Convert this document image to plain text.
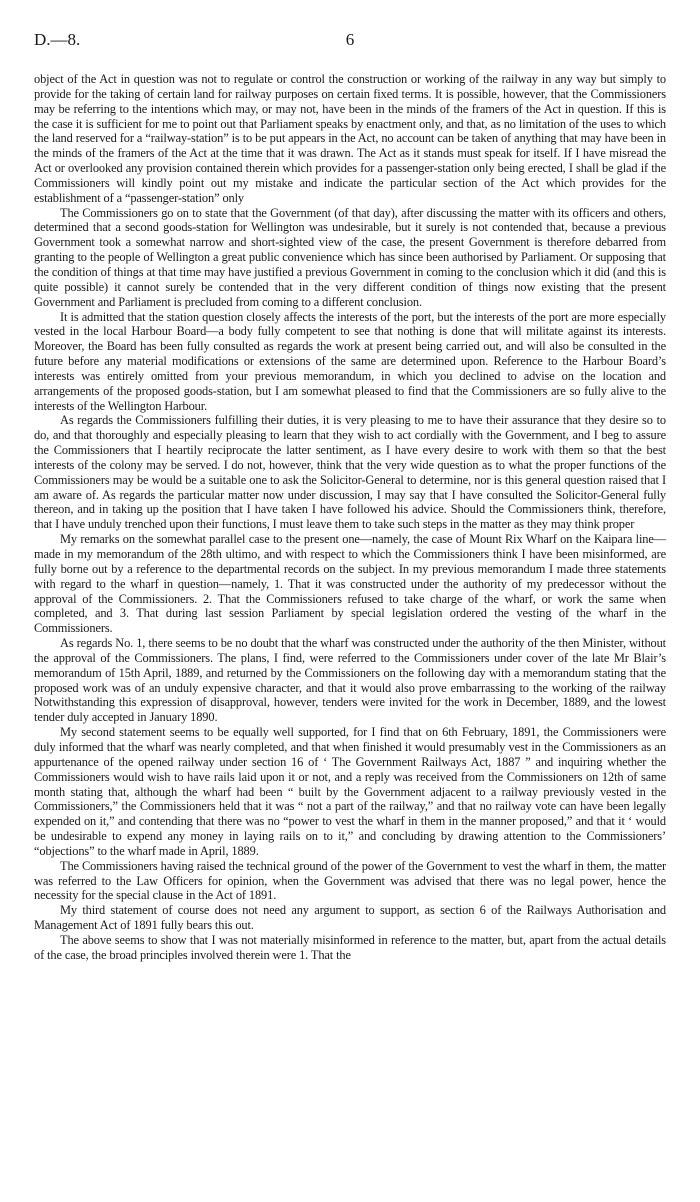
D.—8.	6

object of the Act in question was not to regulate or control the construction or working of the railway in any way but simply to provide for the taking of certain land for railway purposes on certain fixed terms. It is possible, however, that the Commissioners may be referring to the intentions which may, or may not, have been in the minds of the framers of the Act in question. If this is the case it is sufficient for me to point out that Parliament speaks by enactment only, and that, as no limitation of the uses to which the land reserved for a “railway-station” is to be put appears in the Act, no account can be taken of anything that may have been in the minds of the framers of the Act at the time that it was drawn. The Act as it stands must speak for itself. If I have misread the Act or overlooked any provision contained therein which provides for a passenger-station only being erected, I shall be glad if the Commissioners will kindly point out my mistake and indicate the particular section of the Act which provides for the establishment of a “passenger-station” only

The Commissioners go on to state that the Government (of that day), after discussing the matter with its officers and others, determined that a second goods-station for Wellington was undesirable, but it surely is not contended that, because a previous Government took a somewhat narrow and short-sighted view of the case, the present Government is therefore debarred from granting to the people of Wellington a great public convenience which has since been authorised by Parliament. Or supposing that the condition of things at that time may have justified a previous Government in coming to the conclusion which it did (and this is quite possible) it cannot surely be contended that in the very different condition of things now existing that the present Government and Parliament is precluded from coming to a different conclusion.

It is admitted that the station question closely affects the interests of the port, but the interests of the port are more especially vested in the local Harbour Board—a body fully competent to see that nothing is done that will militate against its interests. Moreover, the Board has been fully consulted as regards the work at present being carried out, and will also be consulted in the future before any material modifications or extensions of the same are determined upon. Reference to the Harbour Board’s interests was entirely omitted from your previous memorandum, in which you declined to advise on the location and arrangements of the proposed goods-station, but I am somewhat pleased to find that the Commissioners are so fully alive to the interests of the Wellington Harbour.

As regards the Commissioners fulfilling their duties, it is very pleasing to me to have their assurance that they desire so to do, and that thoroughly and especially pleasing to learn that they wish to act cordially with the Government, and I beg to assure the Commissioners that I heartily reciprocate the latter sentiment, as I have every desire to work with them so that the best interests of the colony may be served. I do not, however, think that the very wide question as to what the proper functions of the Commissioners may be would be a suitable one to ask the Solicitor-General to determine, nor is this general question raised that I am aware of. As regards the particular matter now under discussion, I may say that I have consulted the Solicitor-General fully thereon, and in taking up the position that I have taken I have followed his advice. Should the Commissioners think, therefore, that I have unduly trenched upon their functions, I must leave them to take such steps in the matter as they may think proper

My remarks on the somewhat parallel case to the present one—namely, the case of Mount Rix Wharf on the Kaipara line—made in my memorandum of the 28th ultimo, and with respect to which the Commissioners think I have been misinformed, are fully borne out by a reference to the departmental records on the subject. In my previous memorandum I made three statements with regard to the wharf in question—namely, 1. That it was constructed under the authority of my predecessor without the approval of the Commissioners. 2. That the Commissioners refused to take charge of the wharf, or work the same when completed, and 3. That during last session Parliament by special legislation ordered the vesting of the wharf in the Commissioners.

As regards No. 1, there seems to be no doubt that the wharf was constructed under the authority of the then Minister, without the approval of the Commissioners. The plans, I find, were referred to the Commissioners under cover of the late Mr Blair’s memorandum of 15th April, 1889, and returned by the Commissioners on the following day with a memorandum stating that the proposed work was of an unduly expensive character, and that it would also prove embarrassing to the working of the railway Notwithstanding this expression of disapproval, however, tenders were invited for the work in December, 1889, and the lowest tender duly accepted in January 1890.

My second statement seems to be equally well supported, for I find that on 6th February, 1891, the Commissioners were duly informed that the wharf was nearly completed, and that when finished it would presumably vest in the Commissioners as an appurtenance of the opened railway under section 16 of ‘ The Government Railways Act, 1887 ” and inquiring whether the Commissioners would wish to have rails laid upon it or not, and a reply was received from the Commissioners on 12th of same month stating that, although the wharf had been “ built by the Government adjacent to a railway previously vested in the Commissioners,” the Commissioners held that it was “ not a part of the railway,” and that no railway vote can have been legally expended on it,” and contending that there was no “power to vest the wharf in them in the manner proposed,” and that it ‘ would be undesirable to expend any money in laying rails on to it,” and concluding by drawing attention to the Commissioners’ “objections” to the wharf made in April, 1889.

The Commissioners having raised the technical ground of the power of the Government to vest the wharf in them, the matter was referred to the Law Officers for opinion, when the Government was advised that there was no legal power, hence the necessity for the special clause in the Act of 1891.

My third statement of course does not need any argument to support, as section 6 of the Railways Authorisation and Management Act of 1891 fully bears this out.

The above seems to show that I was not materially misinformed in reference to the matter, but, apart from the actual details of the case, the broad principles involved therein were 1. That the
